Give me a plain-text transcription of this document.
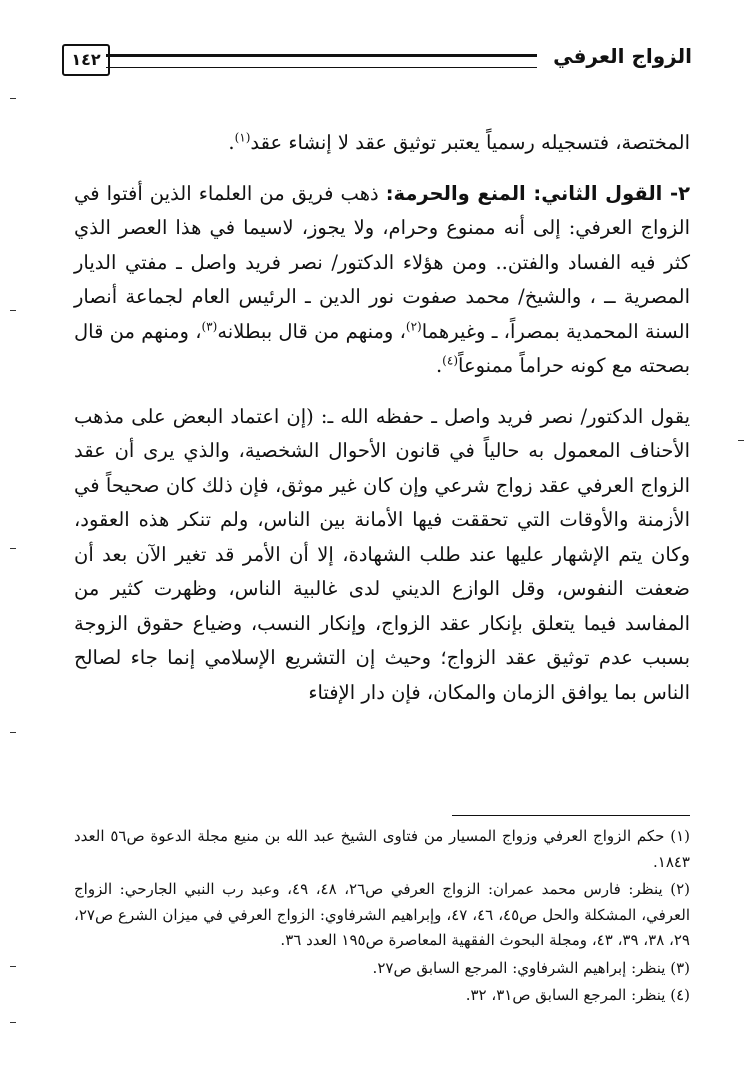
١٤٢	الزواج العرفي

المختصة، فتسجيله رسمياً يعتبر توثيق عقد لا إنشاء عقد$^{(١)}$.

٢- القول الثاني: المنع والحرمة: ذهب فريق من العلماء الذين أفتوا في الزواج العرفي: إلى أنه ممنوع وحرام، ولا يجوز، لاسيما في هذا العصر الذي كثر فيه الفساد والفتن.. ومن هؤلاء الدكتور/ نصر فريد واصل ـ مفتي الديار المصرية ــ ، والشيخ/ محمد صفوت نور الدين ـ الرئيس العام لجماعة أنصار السنة المحمدية بمصراً، ـ وغيرهما$^{(٢)}$، ومنهم من قال ببطلانه$^{(٣)}$، ومنهم من قال بصحته مع كونه حراماً ممنوعاً$^{(٤)}$.

يقول الدكتور/ نصر فريد واصل ـ حفظه الله ـ: (إن اعتماد البعض على مذهب الأحناف المعمول به حالياً في قانون الأحوال الشخصية، والذي يرى أن عقد الزواج العرفي عقد زواج شرعي وإن كان غير موثق، فإن ذلك كان صحيحاً في الأزمنة والأوقات التي تحققت فيها الأمانة بين الناس، ولم تنكر هذه العقود، وكان يتم الإشهار عليها عند طلب الشهادة، إلا أن الأمر قد تغير الآن بعد أن ضعفت النفوس، وقل الوازع الديني لدى غالبية الناس، وظهرت كثير من المفاسد فيما يتعلق بإنكار عقد الزواج، وإنكار النسب، وضياع حقوق الزوجة بسبب عدم توثيق عقد الزواج؛ وحيث إن التشريع الإسلامي إنما جاء لصالح الناس بما يوافق الزمان والمكان، فإن دار الإفتاء

(١) حكم الزواج العرفي وزواج المسيار من فتاوى الشيخ عبد الله بن منيع مجلة الدعوة ص٥٦ العدد ١٨٤٣.

(٢) ينظر: فارس محمد عمران: الزواج العرفي ص٢٦، ٤٨، ٤٩، وعبد رب النبي الجارحي: الزواج العرفي، المشكلة والحل ص٤٥، ٤٦، ٤٧، وإبراهيم الشرفاوي: الزواج العرفي في ميزان الشرع ص٢٧، ٢٩، ٣٨، ٣٩، ٤٣، ومجلة البحوث الفقهية المعاصرة ص١٩٥ العدد ٣٦.

(٣) ينظر: إبراهيم الشرفاوي: المرجع السابق ص٢٧.

(٤) ينظر: المرجع السابق ص٣١، ٣٢.
